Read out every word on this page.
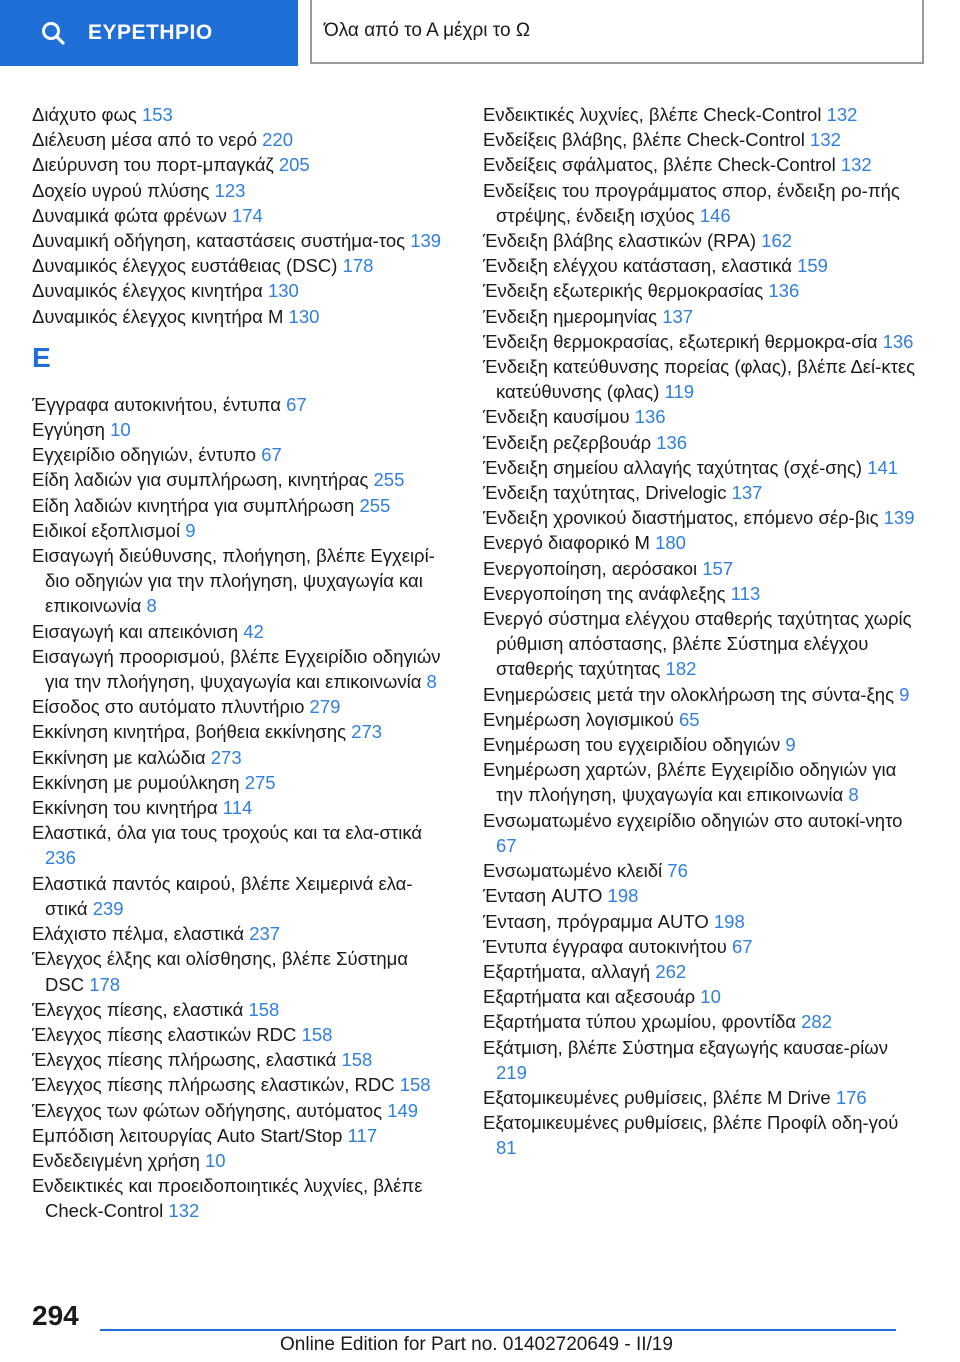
ΕΥΡΕΤΗΡΙΟ	Όλα από το Α μέχρι το Ω
Διάχυτο φως 153
Διέλευση μέσα από το νερό 220
Διεύρυνση του πορτ-μπαγκάζ 205
Δοχείο υγρού πλύσης 123
Δυναμικά φώτα φρένων 174
Δυναμική οδήγηση, καταστάσεις συστήμα-τος 139
Δυναμικός έλεγχος ευστάθειας (DSC) 178
Δυναμικός έλεγχος κινητήρα 130
Δυναμικός έλεγχος κινητήρα M 130
E
Έγγραφα αυτοκινήτου, έντυπα 67
Εγγύηση 10
Εγχειρίδιο οδηγιών, έντυπο 67
Είδη λαδιών για συμπλήρωση, κινητήρας 255
Είδη λαδιών κινητήρα για συμπλήρωση 255
Ειδικοί εξοπλισμοί 9
Εισαγωγή διεύθυνσης, πλοήγηση, βλέπε Εγχειρί-διο οδηγιών για την πλοήγηση, ψυχαγωγία και επικοινωνία 8
Εισαγωγή και απεικόνιση 42
Εισαγωγή προορισμού, βλέπε Εγχειρίδιο οδηγιών για την πλοήγηση, ψυχαγωγία και επικοινωνία 8
Είσοδος στο αυτόματο πλυντήριο 279
Εκκίνηση κινητήρα, βοήθεια εκκίνησης 273
Εκκίνηση με καλώδια 273
Εκκίνηση με ρυμούλκηση 275
Εκκίνηση του κινητήρα 114
Ελαστικά, όλα για τους τροχούς και τα ελα-στικά 236
Ελαστικά παντός καιρού, βλέπε Χειμερινά ελα-στικά 239
Ελάχιστο πέλμα, ελαστικά 237
Έλεγχος έλξης και ολίσθησης, βλέπε Σύστημα DSC 178
Έλεγχος πίεσης, ελαστικά 158
Έλεγχος πίεσης ελαστικών RDC 158
Έλεγχος πίεσης πλήρωσης, ελαστικά 158
Έλεγχος πίεσης πλήρωσης ελαστικών, RDC 158
Έλεγχος των φώτων οδήγησης, αυτόματος 149
Εμπόδιση λειτουργίας Auto Start/Stop 117
Ενδεδειγμένη χρήση 10
Ενδεικτικές και προειδοποιητικές λυχνίες, βλέπε Check-Control 132
Ενδεικτικές λυχνίες, βλέπε Check-Control 132
Ενδείξεις βλάβης, βλέπε Check-Control 132
Ενδείξεις σφάλματος, βλέπε Check-Control 132
Ενδείξεις του προγράμματος σπορ, ένδειξη ρο-πής στρέψης, ένδειξη ισχύος 146
Ένδειξη βλάβης ελαστικών (RPA) 162
Ένδειξη ελέγχου κατάσταση, ελαστικά 159
Ένδειξη εξωτερικής θερμοκρασίας 136
Ένδειξη ημερομηνίας 137
Ένδειξη θερμοκρασίας, εξωτερική θερμοκρα-σία 136
Ένδειξη κατεύθυνσης πορείας (φλας), βλέπε Δεί-κτες κατεύθυνσης (φλας) 119
Ένδειξη καυσίμου 136
Ένδειξη ρεζερβουάρ 136
Ένδειξη σημείου αλλαγής ταχύτητας (σχέ-σης) 141
Ένδειξη ταχύτητας, Drivelogic 137
Ένδειξη χρονικού διαστήματος, επόμενο σέρ-βις 139
Ενεργό διαφορικό M 180
Ενεργοποίηση, αερόσακοι 157
Ενεργοποίηση της ανάφλεξης 113
Ενεργό σύστημα ελέγχου σταθερής ταχύτητας χωρίς ρύθμιση απόστασης, βλέπε Σύστημα ελέγχου σταθερής ταχύτητας 182
Ενημερώσεις μετά την ολοκλήρωση της σύντα-ξης 9
Ενημέρωση λογισμικού 65
Ενημέρωση του εγχειριδίου οδηγιών 9
Ενημέρωση χαρτών, βλέπε Εγχειρίδιο οδηγιών για την πλοήγηση, ψυχαγωγία και επικοινωνία 8
Ενσωματωμένο εγχειρίδιο οδηγιών στο αυτοκί-νητο 67
Ενσωματωμένο κλειδί 76
Ένταση AUTO 198
Ένταση, πρόγραμμα AUTO 198
Έντυπα έγγραφα αυτοκινήτου 67
Εξαρτήματα, αλλαγή 262
Εξαρτήματα και αξεσουάρ 10
Εξαρτήματα τύπου χρωμίου, φροντίδα 282
Εξάτμιση, βλέπε Σύστημα εξαγωγής καυσαε-ρίων 219
Εξατομικευμένες ρυθμίσεις, βλέπε M Drive 176
Εξατομικευμένες ρυθμίσεις, βλέπε Προφίλ οδη-γού 81
294
Online Edition for Part no. 01402720649 - II/19
